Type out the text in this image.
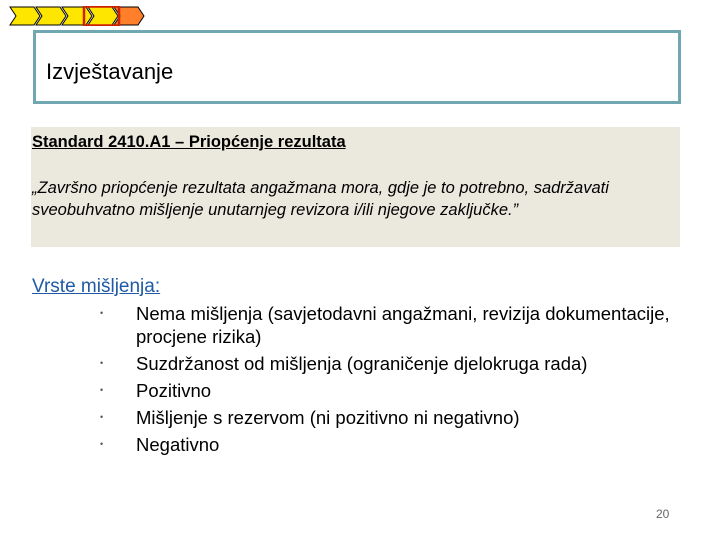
Izvještavanje
Standard 2410.A1 – Priopćenje rezultata
„Završno priopćenje rezultata angažmana mora, gdje je to potrebno, sadržavati sveobuhvatno mišljenje unutarnjeg revizora i/ili njegove zaključke.”
Vrste mišljenja:
• Nema mišljenja (savjetodavni angažmani, revizija dokumentacije, procjene rizika)
• Suzdržanost od mišljenja (ograničenje djelokruga rada)
• Pozitivno
• Mišljenje s rezervom (ni pozitivno ni negativno)
• Negativno
20
